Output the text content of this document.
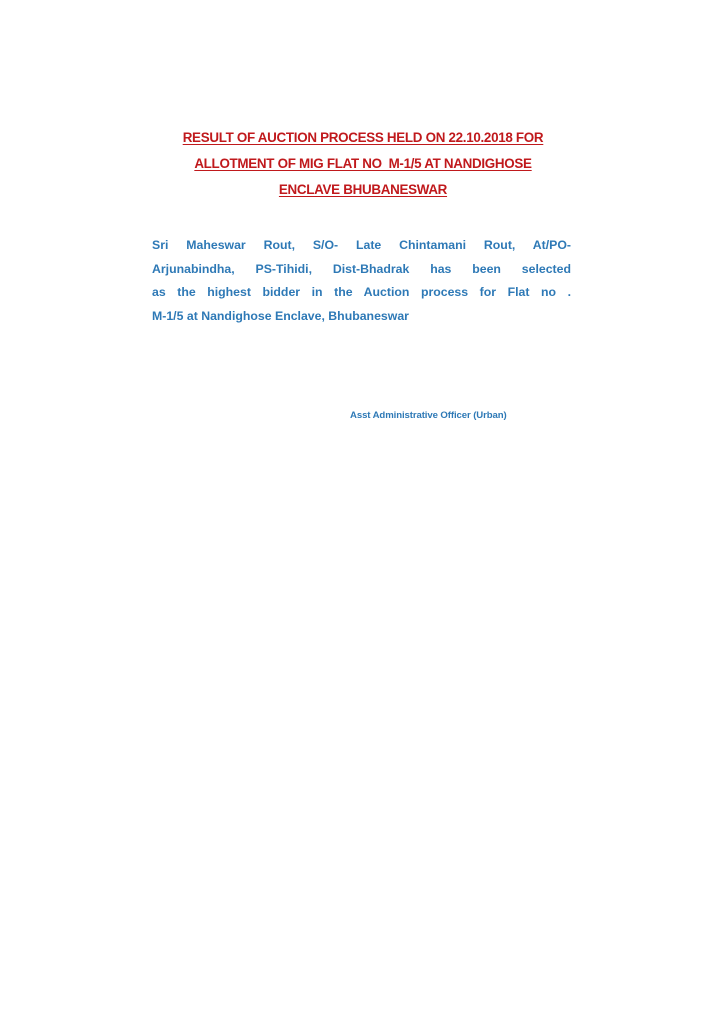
RESULT OF AUCTION PROCESS HELD ON 22.10.2018 FOR
ALLOTMENT OF MIG FLAT NO  M-1/5 AT NANDIGHOSE
ENCLAVE BHUBANESWAR
Sri Maheswar Rout, S/O- Late Chintamani Rout, At/PO-
Arjunabindha, PS-Tihidi, Dist-Bhadrak has been selected
as the highest bidder in the Auction process for Flat no .
M-1/5 at Nandighose Enclave, Bhubaneswar
Asst Administrative Officer (Urban)
